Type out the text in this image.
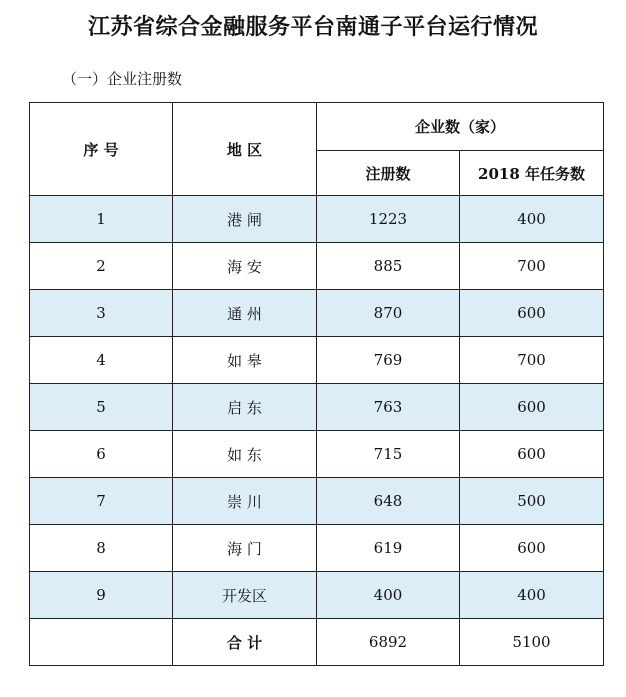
江苏省综合金融服务平台南通子平台运行情况
（一）企业注册数
序 号	地 区	企业数（家）	
		注册数	2018 年任务数
1	港 闸	1223	400
2	海 安	885	700
3	通 州	870	600
4	如 皋	769	700
5	启 东	763	600
6	如 东	715	600
7	崇 川	648	500
8	海 门	619	600
9	开发区	400	400
	合 计	6892	5100
